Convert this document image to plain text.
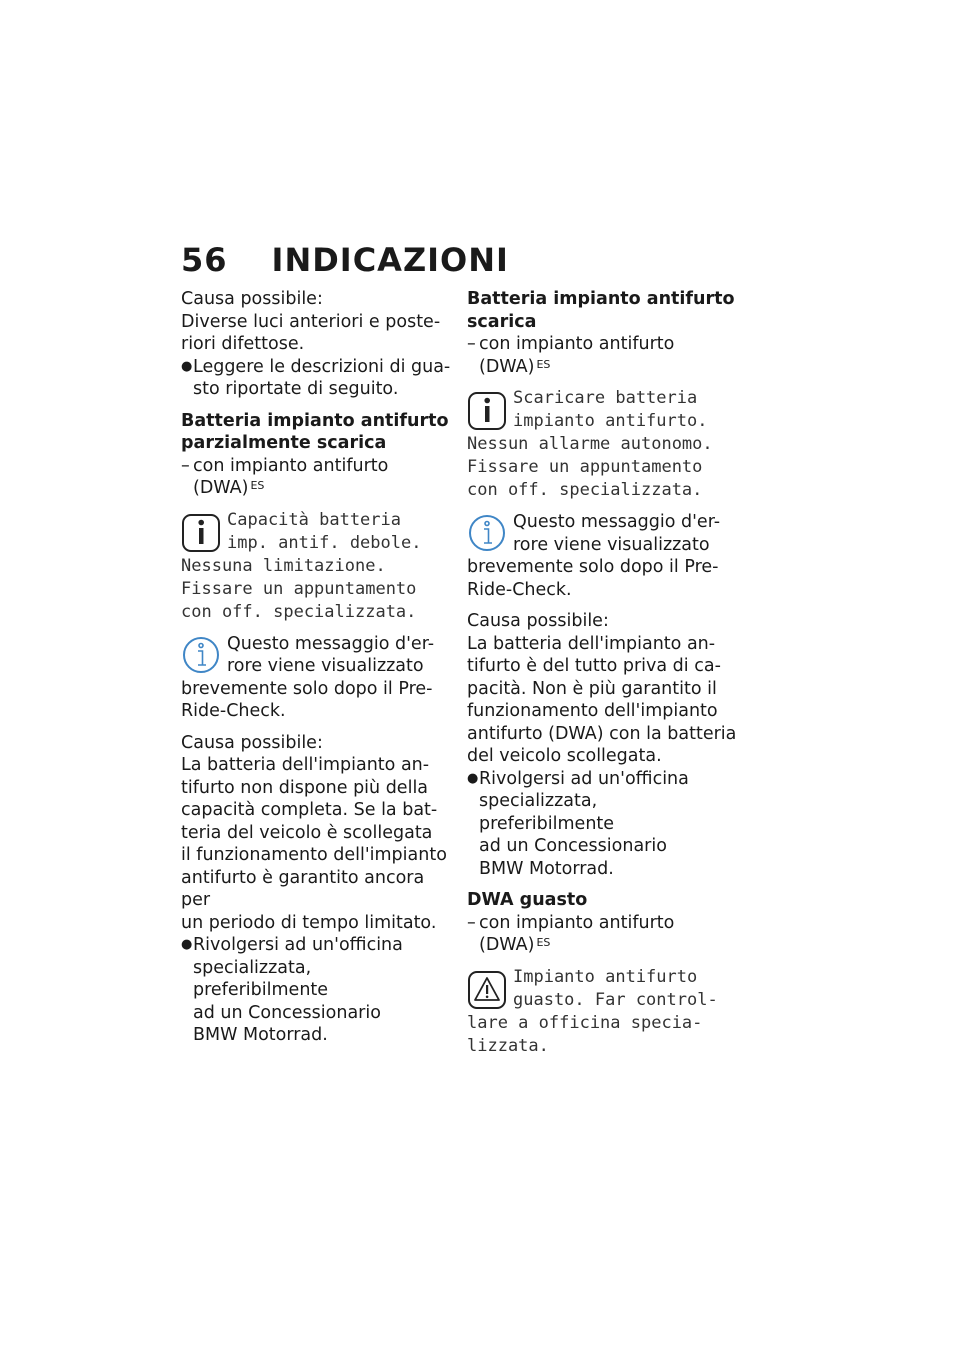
56 INDICAZIONI

Causa possibile:

Diverse luci anteriori e poste-

riori difettose.

● Leggere le descrizioni di gua-
sto riportate di seguito.

Batteria impianto antifurto

parzialmente scarica

– con impianto antifurto
(DWA) $^{ES}$
Capacità batteria
imp. antif. debole.
Nessuna limitazione.
Fissare un appuntamento
con off. specializzata.
Questo messaggio d'er-
rore viene visualizzato
brevemente solo dopo il Pre-
Ride-Check.

Causa possibile:

La batteria dell'impianto an-

tifurto non dispone più della

capacità completa. Se la bat-

teria del veicolo è scollegata

il funzionamento dell'impianto

antifurto è garantito ancora per

un periodo di tempo limitato.

● Rivolgersi ad un'officina
specializzata, preferibilmente
ad un Concessionario
BMW Motorrad.

Batteria impianto antifurto

scarica

– con impianto antifurto
(DWA) $^{ES}$
Scaricare batteria
impianto antifurto.
Nessun allarme autonomo.
Fissare un appuntamento
con off. specializzata.
Questo messaggio d'er-
rore viene visualizzato
brevemente solo dopo il Pre-
Ride-Check.

Causa possibile:

La batteria dell'impianto an-

tifurto è del tutto priva di ca-

pacità. Non è più garantito il

funzionamento dell'impianto

antifurto (DWA) con la batteria

del veicolo scollegata.

● Rivolgersi ad un'officina
specializzata, preferibilmente
ad un Concessionario
BMW Motorrad.

DWA guasto

– con impianto antifurto
(DWA) $^{ES}$
Impianto antifurto
guasto. Far control-
lare a officina specia-
lizzata.
